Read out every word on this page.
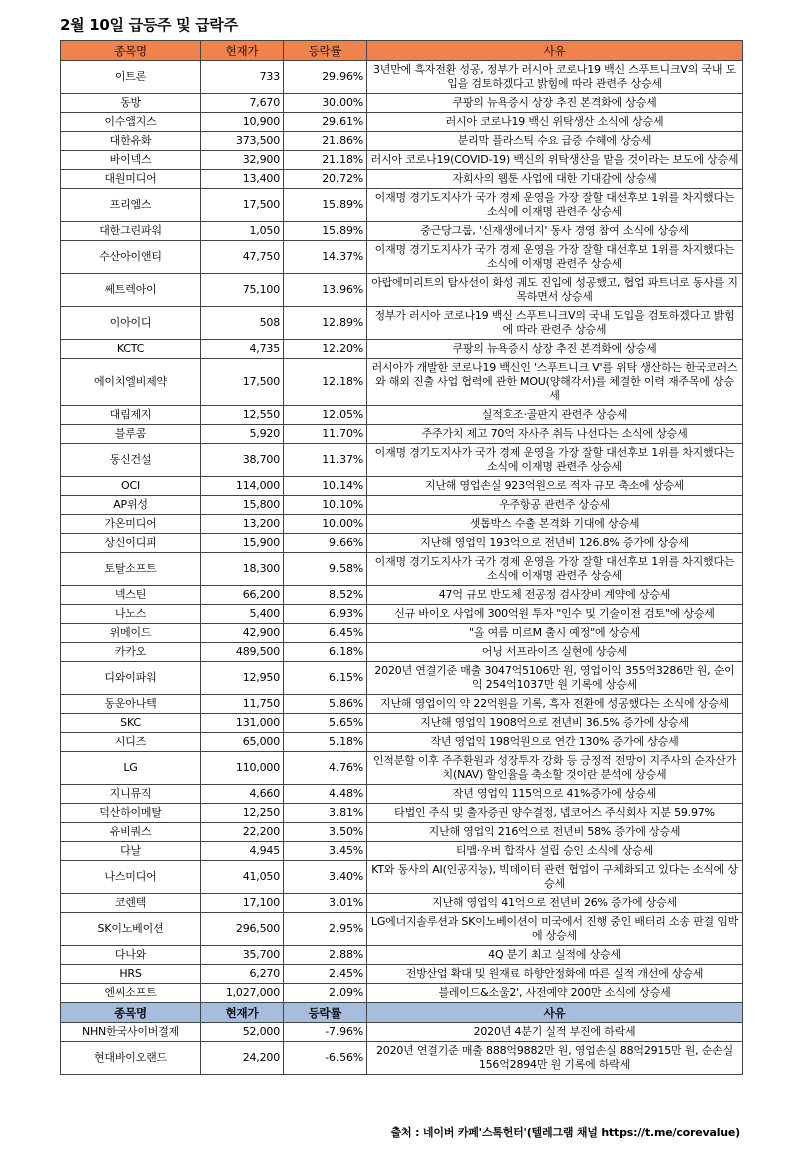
2월 10일 급등주 및 급락주
종목명	현재가	등락률	사유
이트론	733	29.96%	3년만에 흑자전환 성공, 정부가 러시아 코로나19 백신 스푸트니크V의 국내 도입을 검토하겠다고 밝힘에 따라 관련주 상승세
동방	7,670	30.00%	쿠팡의 뉴욕증시 상장 추진 본격화에 상승세
이수앱지스	10,900	29.61%	러시아 코로나19 백신 위탁생산 소식에 상승세
대한유화	373,500	21.86%	분리막 플라스틱 수요 급증 수혜에 상승세
바이넥스	32,900	21.18%	러시아 코로나19(COVID-19) 백신의 위탁생산을 맡을 것이라는 보도에 상승세
대원미디어	13,400	20.72%	자회사의 웹툰 사업에 대한 기대감에 상승세
프리엠스	17,500	15.89%	이재명 경기도지사가 국가 경제 운영을 가장 잘할 대선후보 1위를 차지했다는 소식에 이재명 관련주 상승세
대한그린파워	1,050	15.89%	중근당그룹, '신재생에너지' 동사 경영 참여 소식에 상승세
수산아이앤티	47,750	14.37%	이재명 경기도지사가 국가 경제 운영을 가장 잘할 대선후보 1위를 차지했다는 소식에 이재명 관련주 상승세
쎄트렉아이	75,100	13.96%	아랍에미리트의 탐사선이 화성 궤도 진입에 성공했고, 협업 파트너로 동사를 지목하면서 상승세
이아이디	508	12.89%	정부가 러시아 코로나19 백신 스푸트니크V의 국내 도입을 검토하겠다고 밝힘에 따라 관련주 상승세
KCTC	4,735	12.20%	쿠팡의 뉴욕증시 상장 추진 본격화에 상승세
에이치엘비제약	17,500	12.18%	러시아가 개발한 코로나19 백신인 '스푸트니크 V'를 위탁 생산하는 한국코러스와 해외 진출 사업 협력에 관한 MOU(양해각서)를 체결한 이력 재주목에 상승세
대림제지	12,550	12.05%	실적호조·골판지 관련주 상승세
블루콤	5,920	11.70%	주주가치 제고 70억 자사주 취득 나선다는 소식에 상승세
동신건설	38,700	11.37%	이재명 경기도지사가 국가 경제 운영을 가장 잘할 대선후보 1위를 차지했다는 소식에 이재명 관련주 상승세
OCI	114,000	10.14%	지난해 영업손실 923억원으로 적자 규모 축소에 상승세
AP위성	15,800	10.10%	우주항공 관련주 상승세
가온미디어	13,200	10.00%	셋톱박스 수출 본격화 기대에 상승세
상신이디피	15,900	9.66%	지난해 영업익 193억으로 전년비 126.8% 증가에 상승세
토탈소프트	18,300	9.58%	이재명 경기도지사가 국가 경제 운영을 가장 잘할 대선후보 1위를 차지했다는 소식에 이재명 관련주 상승세
넥스틴	66,200	8.52%	47억 규모 반도체 전공정 검사장비 계약에 상승세
나노스	5,400	6.93%	신규 바이오 사업에 300억원 투자 "인수 및 기술이전 검토"에 상승세
위메이드	42,900	6.45%	"올 여름 미르M 출시 예정"에 상승세
카카오	489,500	6.18%	어닝 서프라이즈 실현에 상승세
디와이파워	12,950	6.15%	2020년 연결기준 매출 3047억5106만 원, 영업이익 355억3286만 원, 순이익 254억1037만 원 기록에 상승세
동운아나텍	11,750	5.86%	지난해 영업이익 약 22억원을 기록, 흑자 전환에 성공했다는 소식에 상승세
SKC	131,000	5.65%	지난해 영업익 1908억으로 전년비 36.5% 증가에 상승세
시디즈	65,000	5.18%	작년 영업익 198억원으로 연간 130% 증가에 상승세
LG	110,000	4.76%	인적분할 이후 주주환원과 성장투자 강화 등 긍정적 전망이 지주사의 순자산가치(NAV) 할인율을 축소할 것이란 분석에 상승세
지니뮤직	4,660	4.48%	작년 영업익 115억으로 41%증가에 상승세
덕산하이메탈	12,250	3.81%	타법인 주식 및 출자증권 양수결정, 넵코어스 주식회사 지분 59.97%
유비쿼스	22,200	3.50%	지난해 영업익 216억으로 전년비 58% 증가에 상승세
다날	4,945	3.45%	티맵·우버 합작사 설립 승인 소식에 상승세
나스미디어	41,050	3.40%	KT와 동사의 AI(인공지능), 빅데이터 관련 협업이 구체화되고 있다는 소식에 상승세
코렌텍	17,100	3.01%	지난해 영업익 41억으로 전년비 26% 증가에 상승세
SK이노베이션	296,500	2.95%	LG에너지솔루션과 SK이노베이션이 미국에서 진행 중인 배터리 소송 판결 임박에 상승세
다나와	35,700	2.88%	4Q 분기 최고 실적에 상승세
HRS	6,270	2.45%	전방산업 확대 및 원재료 하향안정화에 따른 실적 개선에 상승세
엔씨소프트	1,027,000	2.09%	블레이드&소울2', 사전예약 200만 소식에 상승세
종목명	현재가	등락률	사유
NHN한국사이버결제	52,000	-7.96%	2020년 4분기 실적 부진에 하락세
현대바이오랜드	24,200	-6.56%	2020년 연결기준 매출 888억9882만 원, 영업손실 88억2915만 원, 순손실 156억2894만 원 기록에 하락세
출처 : 네이버 카페'스톡헌터'(텔레그램 채널 https://t.me/corevalue)
